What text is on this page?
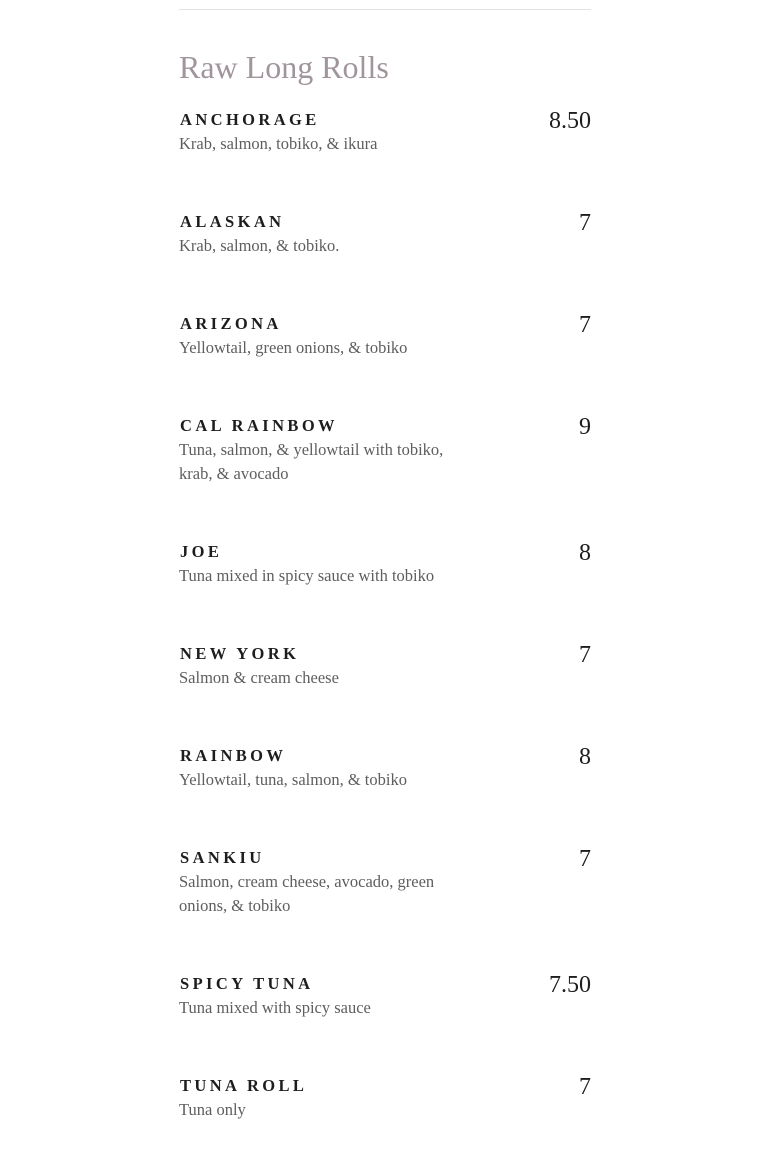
Raw Long Rolls
ANCHORAGE	8.50
Krab, salmon, tobiko, & ikura
ALASKAN	7
Krab, salmon, & tobiko.
ARIZONA	7
Yellowtail, green onions, & tobiko
CAL RAINBOW	9
Tuna, salmon, & yellowtail with tobiko, krab, & avocado
JOE	8
Tuna mixed in spicy sauce with tobiko
NEW YORK	7
Salmon & cream cheese
RAINBOW	8
Yellowtail, tuna, salmon, & tobiko
SANKIU	7
Salmon, cream cheese, avocado, green onions, & tobiko
SPICY TUNA	7.50
Tuna mixed with spicy sauce
TUNA ROLL	7
Tuna only
